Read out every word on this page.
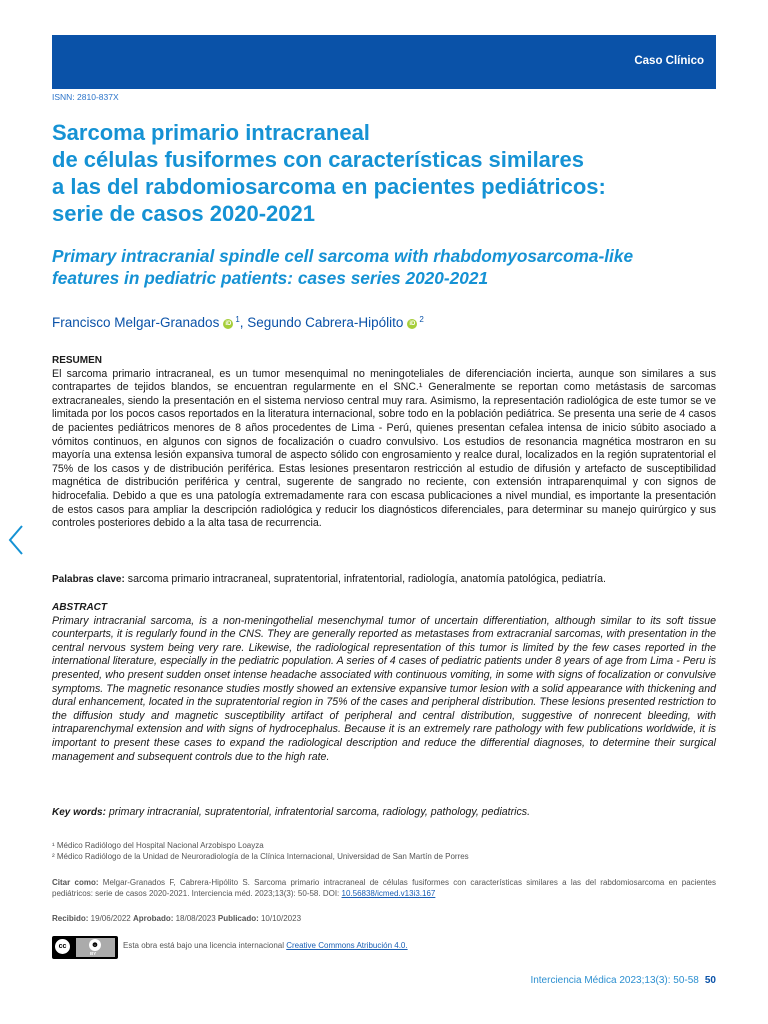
Caso Clínico
ISNN: 2810-837X
Sarcoma primario intracraneal
de células fusiformes con características similares
a las del rabdomiosarcoma en pacientes pediátricos:
serie de casos 2020-2021
Primary intracranial spindle cell sarcoma with rhabdomyosarcoma-like
features in pediatric patients: cases series 2020-2021
Francisco Melgar-Granados iD $^1$, Segundo Cabrera-Hipólito iD $^2$
RESUMEN
El sarcoma primario intracraneal, es un tumor mesenquimal no meningoteliales de diferenciación incierta, aunque son similares a sus contrapartes de tejidos blandos, se encuentran regularmente en el SNC.¹ Generalmente se reportan como metástasis de sarcomas extracraneales, siendo la presentación en el sistema nervioso central muy rara. Asimismo, la representación radiológica de este tumor se ve limitada por los pocos casos reportados en la literatura internacional, sobre todo en la población pediátrica. Se presenta una serie de 4 casos de pacientes pediátricos menores de 8 años procedentes de Lima - Perú, quienes presentan cefalea intensa de inicio súbito asociado a vómitos continuos, en algunos con signos de focalización o cuadro convulsivo. Los estudios de resonancia magnética mostraron en su mayoría una extensa lesión expansiva tumoral de aspecto sólido con engrosamiento y realce dural, localizados en la región supratentorial el 75% de los casos y de distribución periférica. Estas lesiones presentaron restricción al estudio de difusión y artefacto de susceptibilidad magnética de distribución periférica y central, sugerente de sangrado no reciente, con extensión intraparenquimal y con signos de hidrocefalia. Debido a que es una patología extremadamente rara con escasa publicaciones a nivel mundial, es importante la presentación de estos casos para ampliar la descripción radiológica y reducir los diagnósticos diferenciales, para determinar su manejo quirúrgico y sus controles posteriores debido a la alta tasa de recurrencia.
Palabras clave: sarcoma primario intracraneal, supratentorial, infratentorial, radiología, anatomía patológica, pediatría.
ABSTRACT
Primary intracranial sarcoma, is a non-meningothelial mesenchymal tumor of uncertain differentiation, although similar to its soft tissue counterparts, it is regularly found in the CNS. They are generally reported as metastases from extracranial sarcomas, with presentation in the central nervous system being very rare. Likewise, the radiological representation of this tumor is limited by the few cases reported in the international literature, especially in the pediatric population. A series of 4 cases of pediatric patients under 8 years of age from Lima - Peru is presented, who present sudden onset intense headache associated with continuous vomiting, in some with signs of focalization or convulsive symptoms. The magnetic resonance studies mostly showed an extensive expansive tumor lesion with a solid appearance with thickening and dural enhancement, located in the supratentorial region in 75% of the cases and peripheral distribution. These lesions presented restriction to the diffusion study and magnetic susceptibility artifact of peripheral and central distribution, suggestive of nonrecent bleeding, with intraparenchymal extension and with signs of hydrocephalus. Because it is an extremely rare pathology with few publications worldwide, it is important to present these cases to expand the radiological description and reduce the differential diagnoses, to determine their surgical management and subsequent controls due to the high rate.
Key words: primary intracranial, supratentorial, infratentorial sarcoma, radiology, pathology, pediatrics.
¹ Médico Radiólogo del Hospital Nacional Arzobispo Loayza
² Médico Radiólogo de la Unidad de Neuroradiología de la Clínica Internacional, Universidad de San Martín de Porres
Citar como: Melgar-Granados F, Cabrera-Hipólito S. Sarcoma primario intracraneal de células fusiformes con características similares a las del rabdomiosarcoma en pacientes pediátricos: serie de casos 2020-2021. Interciencia méd. 2023;13(3): 50-58. DOI: 10.56838/icmed.v13i3.167
Recibido: 19/06/2022 Aprobado: 18/08/2023 Publicado: 10/10/2023
cc	☻
BY
Esta obra está bajo una licencia internacional Creative Commons Atribución 4.0.
Interciencia Médica 2023;13(3): 50-58 50
